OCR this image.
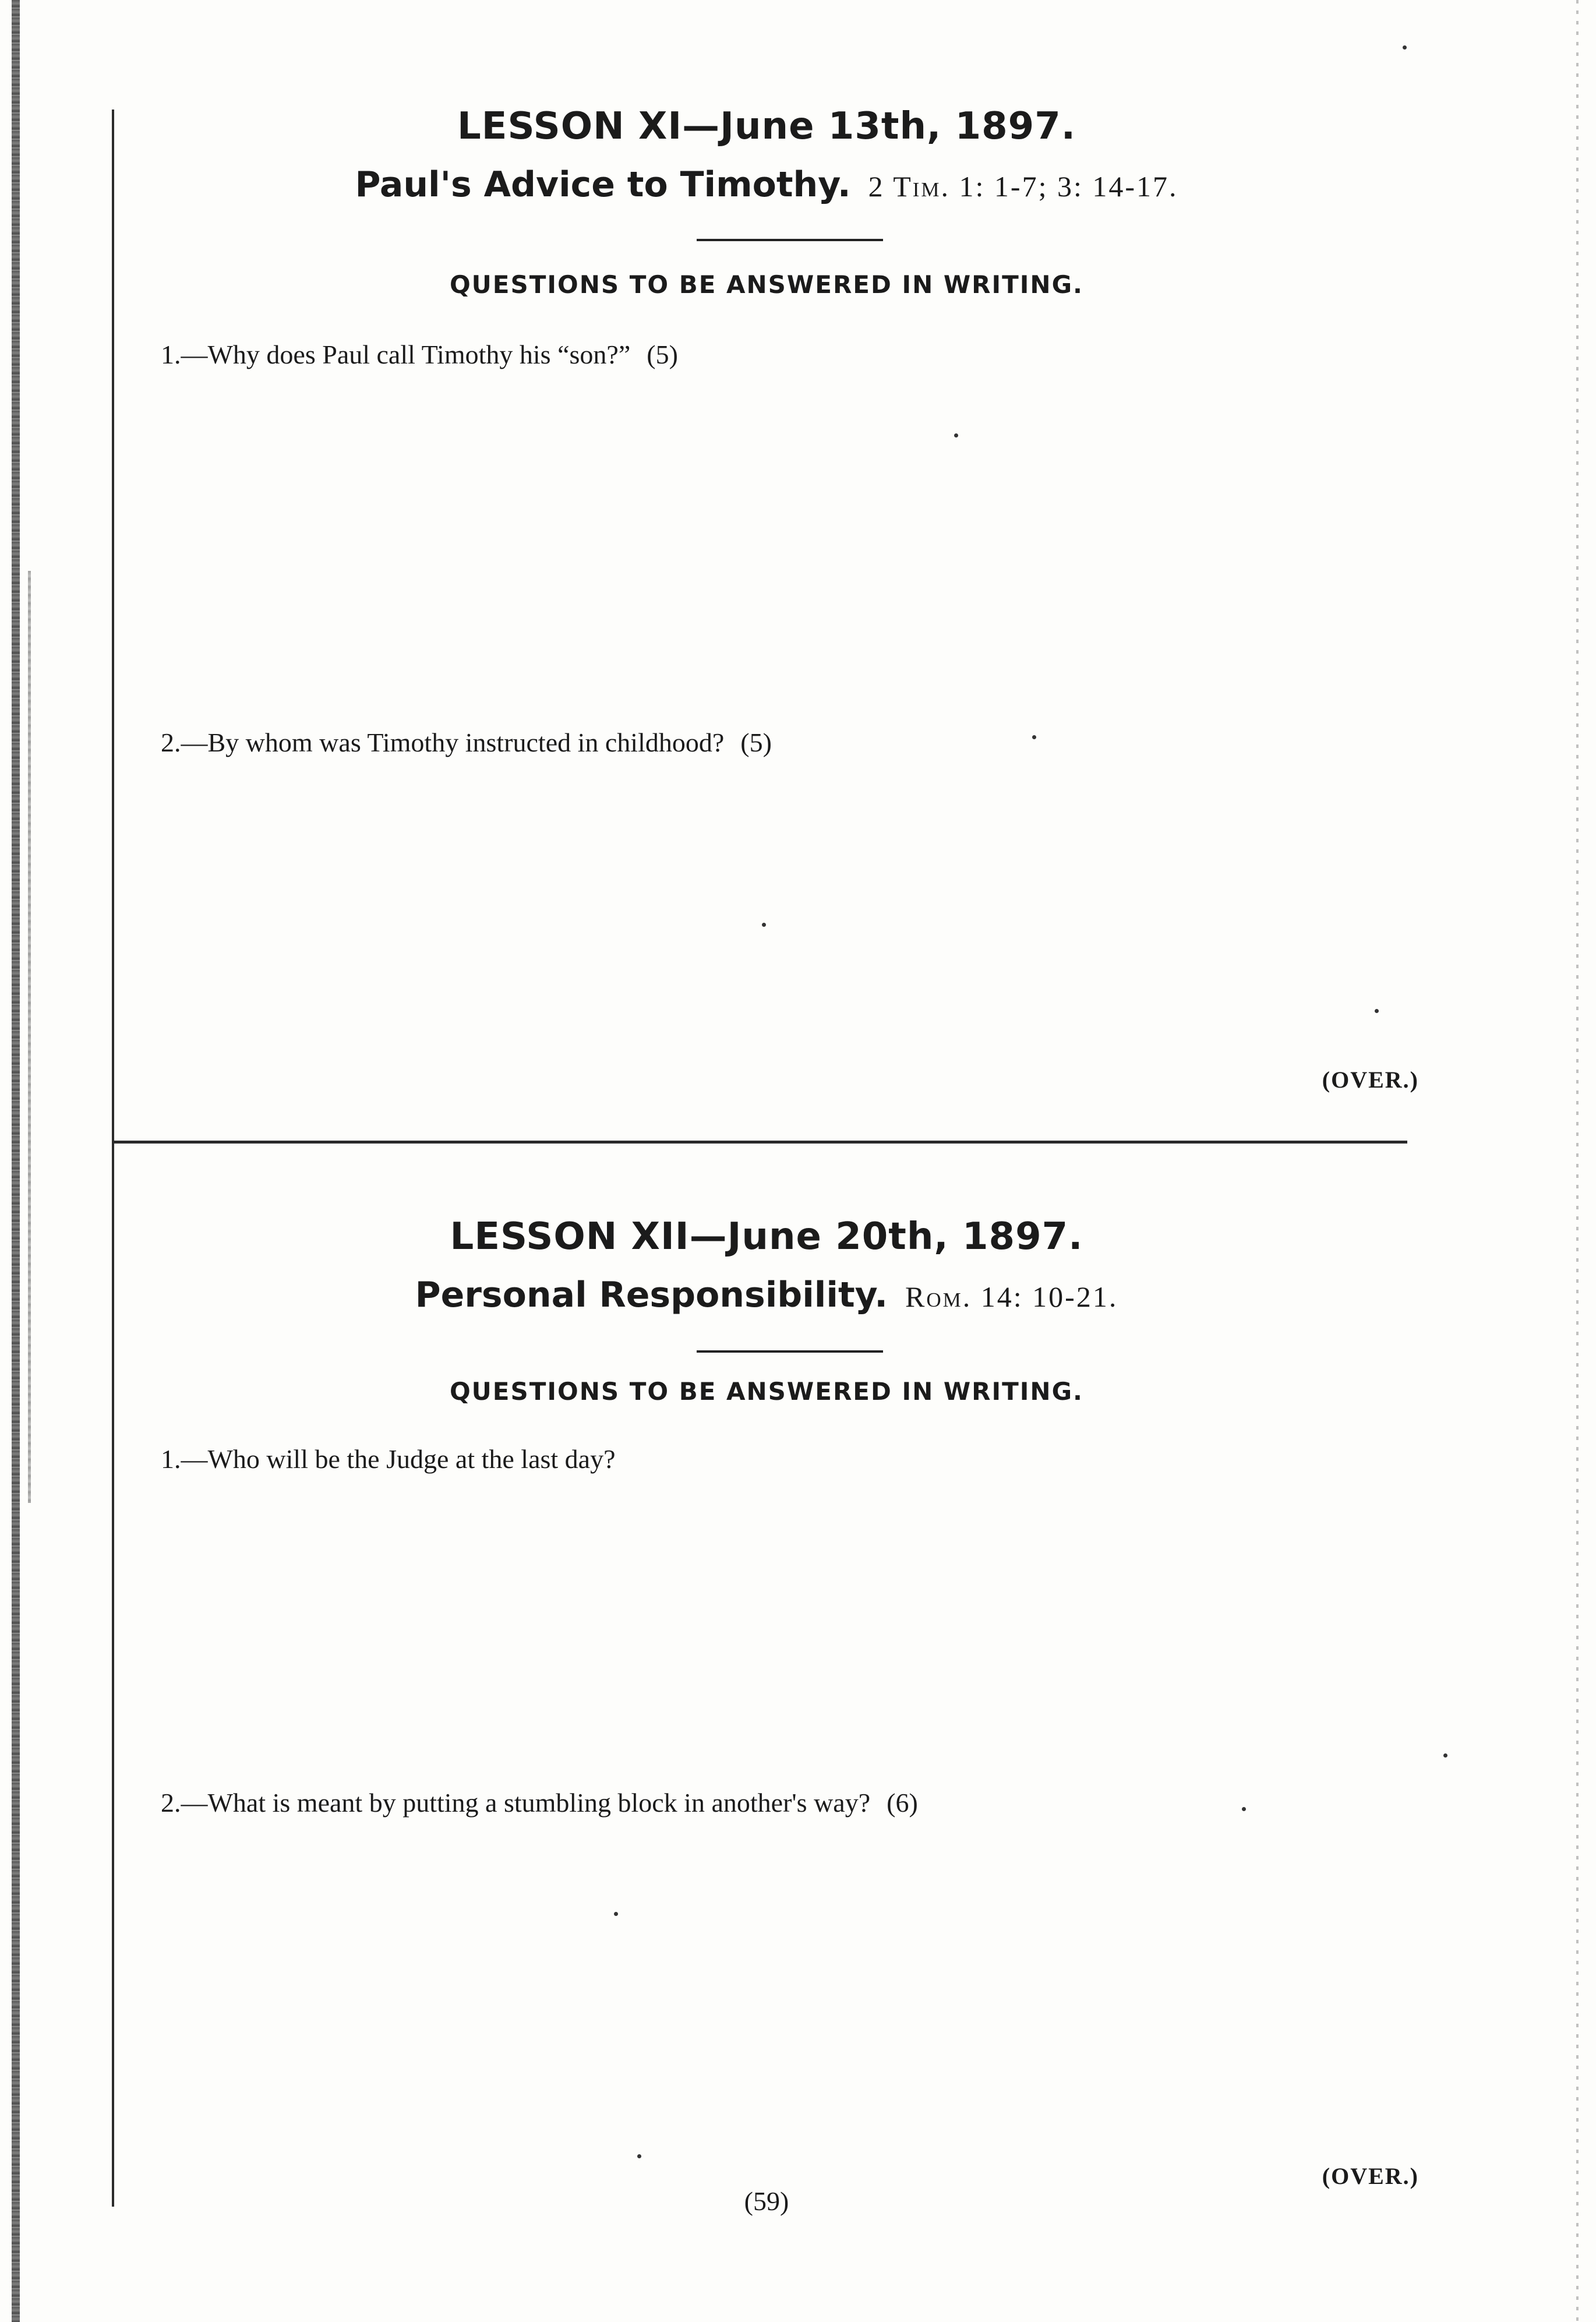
LESSON XI—June 13th, 1897.
Paul's Advice to Timothy. 2 Tim. 1: 1-7; 3: 14-17.
QUESTIONS TO BE ANSWERED IN WRITING.
1.—Why does Paul call Timothy his “son?” (5)
2.—By whom was Timothy instructed in childhood? (5)
(OVER.)
LESSON XII—June 20th, 1897.
Personal Responsibility. Rom. 14: 10-21.
QUESTIONS TO BE ANSWERED IN WRITING.
1.—Who will be the Judge at the last day?
2.—What is meant by putting a stumbling block in another's way? (6)
(OVER.)
(59)
